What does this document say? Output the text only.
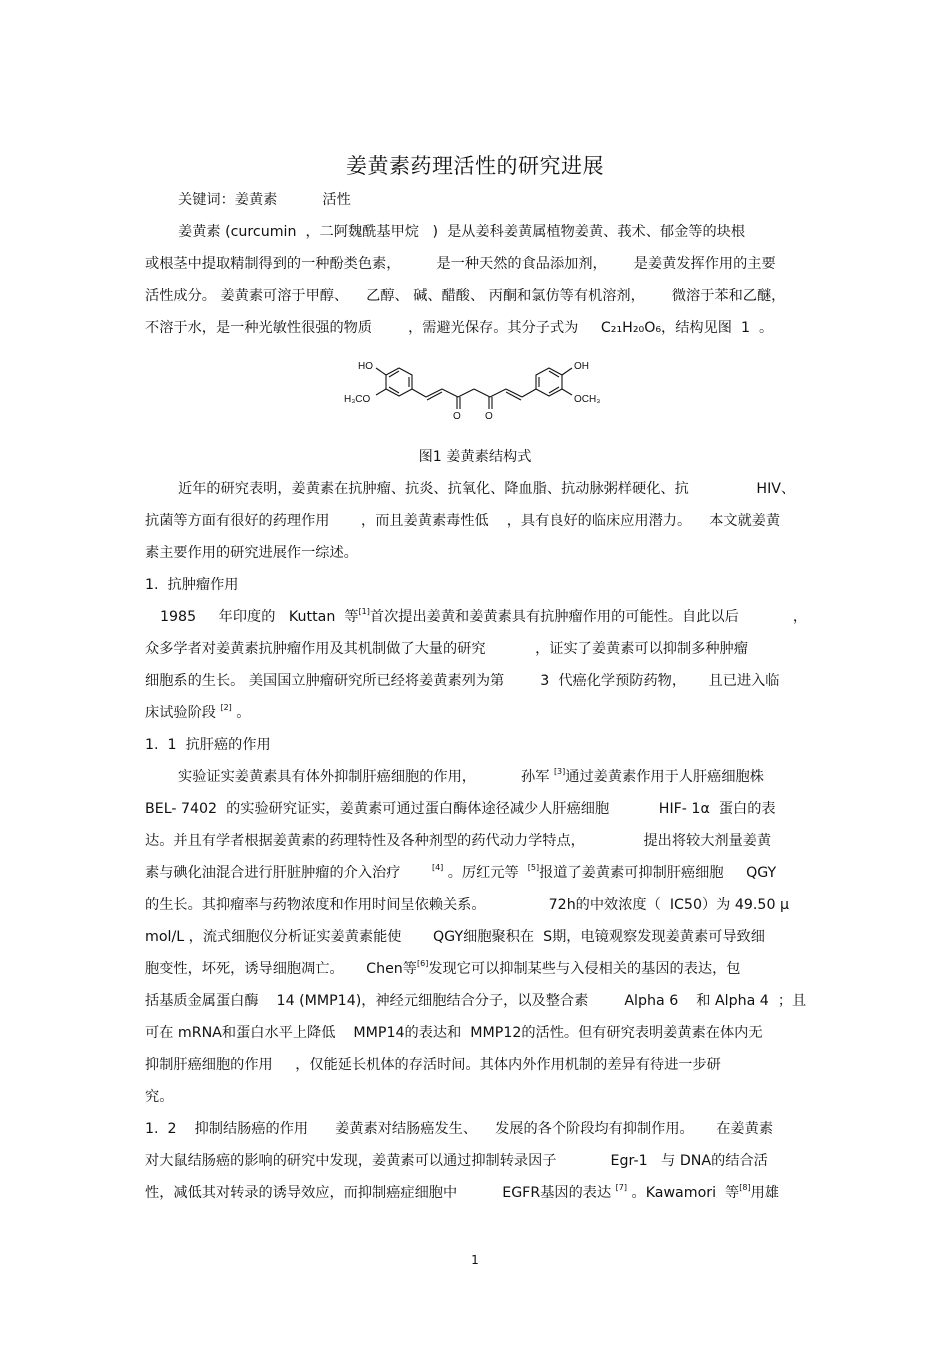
姜黄素药理活性的研究进展
关键词：姜黄素          活性
姜黄素 (curcumin  ，二阿魏酰基甲烷   )  是从姜科姜黄属植物姜黄、莪术、郁金等的块根
或根茎中提取精制得到的一种酚类色素，        是一种天然的食品添加剂，      是姜黄发挥作用的主要
活性成分。 姜黄素可溶于甲醇、    乙醇、 碱、醋酸、 丙酮和氯仿等有机溶剂，      微溶于苯和乙醚，
不溶于水，是一种光敏性很强的物质        ，需避光保存。其分子式为     C₂₁H₂₀O₆，结构见图  1  。
HO
H₃CO
O O
OH
OCH₃
图1 姜黄素结构式
近年的研究表明，姜黄素在抗肿瘤、抗炎、抗氧化、降血脂、抗动脉粥样硬化、抗               HIV、
抗菌等方面有很好的药理作用       ，而且姜黄素毒性低    ，具有良好的临床应用潜力。    本文就姜黄
素主要作用的研究进展作一综述。
1.  抗肿瘤作用
1985     年印度的   Kuttan  等[1]首次提出姜黄和姜黄素具有抗肿瘤作用的可能性。自此以后            ，
众多学者对姜黄素抗肿瘤作用及其机制做了大量的研究           ，证实了姜黄素可以抑制多种肿瘤
细胞系的生长。 美国国立肿瘤研究所已经将姜黄素列为第        3  代癌化学预防药物，     且已进入临
床试验阶段 [2] 。
1.  1  抗肝癌的作用
实验证实姜黄素具有体外抑制肝癌细胞的作用，          孙军 [3]通过姜黄素作用于人肝癌细胞株
BEL- 7402  的实验研究证实，姜黄素可通过蛋白酶体途径减少人肝癌细胞           HIF- 1α  蛋白的表
达。并且有学者根据姜黄素的药理特性及各种剂型的药代动力学特点，             提出将较大剂量姜黄
素与碘化油混合进行肝脏肿瘤的介入治疗       [4] 。厉红元等  [5]报道了姜黄素可抑制肝癌细胞     QGY
的生长。其抑瘤率与药物浓度和作用时间呈依赖关系。              72h的中效浓度（  IC50）为 49.50 μ
mol/L ，流式细胞仪分析证实姜黄素能使       QGY细胞聚积在  S期，电镜观察发现姜黄素可导致细
胞变性，坏死，诱导细胞凋亡。     Chen等[6]发现它可以抑制某些与入侵相关的基因的表达，包
括基质金属蛋白酶    14 (MMP14)，神经元细胞结合分子，以及整合素        Alpha 6    和 Alpha 4  ；且
可在 mRNA和蛋白水平上降低    MMP14的表达和  MMP12的活性。但有研究表明姜黄素在体内无
抑制肝癌细胞的作用     ，仅能延长机体的存活时间。其体内外作用机制的差异有待进一步研
究。
1.  2    抑制结肠癌的作用      姜黄素对结肠癌发生、    发展的各个阶段均有抑制作用。     在姜黄素
对大鼠结肠癌的影响的研究中发现，姜黄素可以通过抑制转录因子            Egr-1   与 DNA的结合活
性，减低其对转录的诱导效应，而抑制癌症细胞中          EGFR基因的表达 [7] 。Kawamori  等[8]用雄
1
